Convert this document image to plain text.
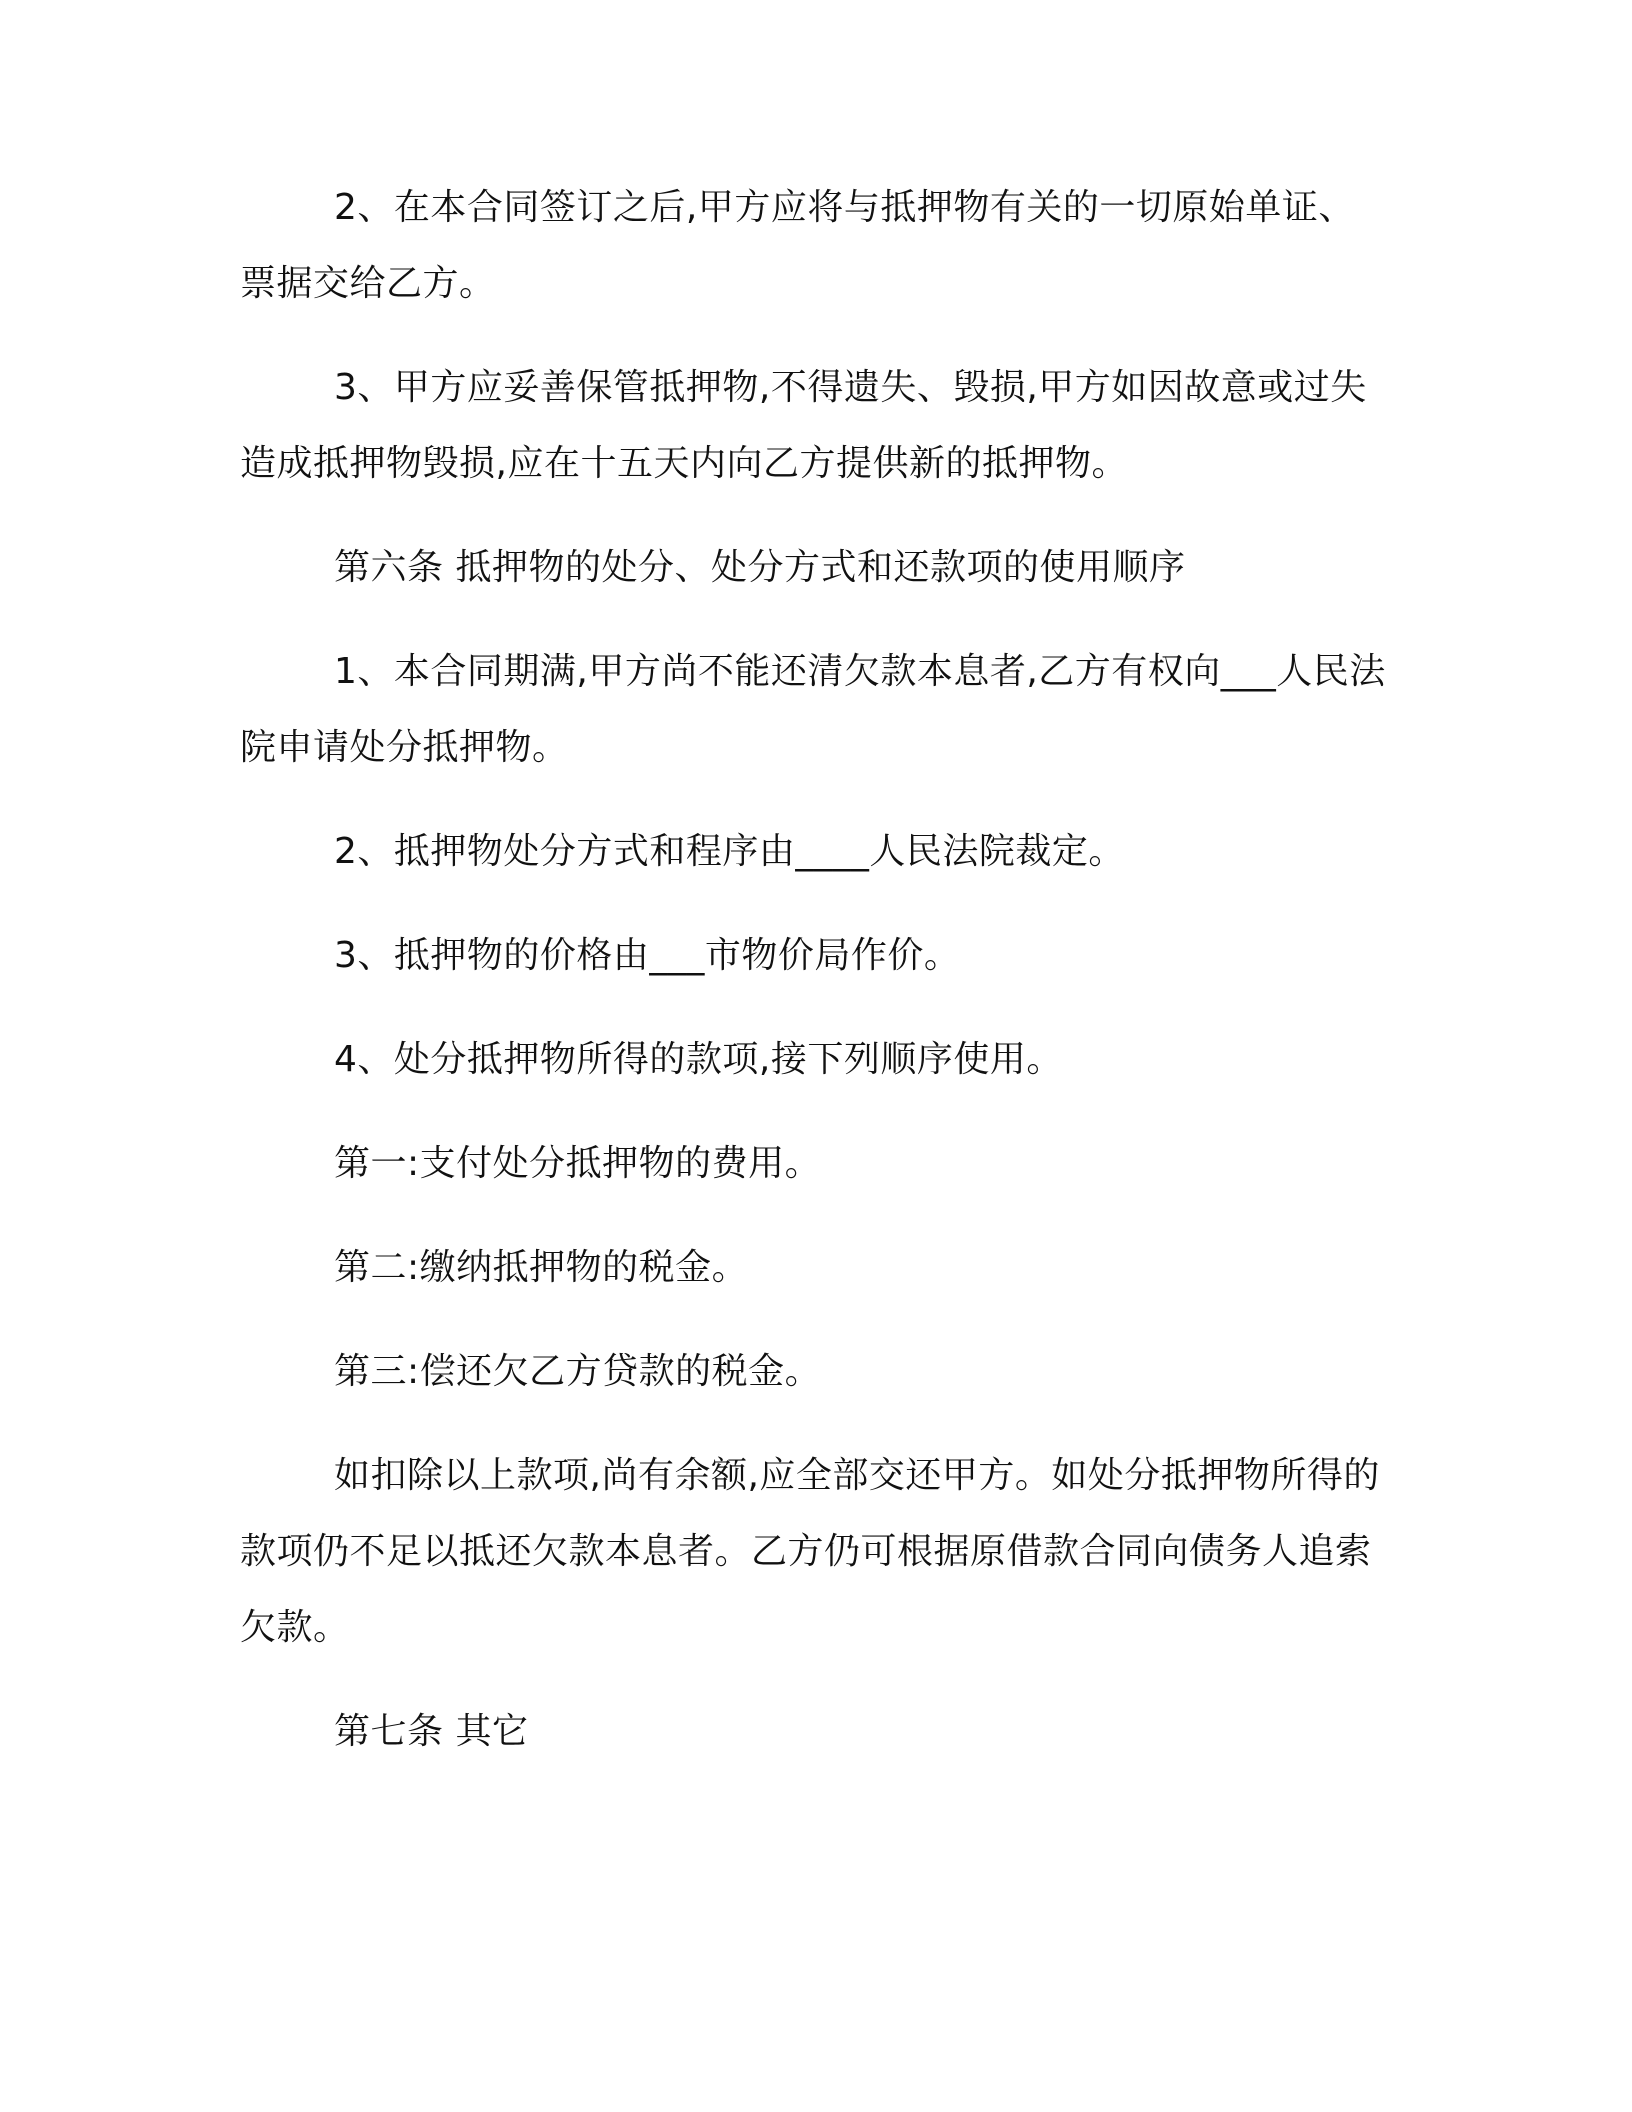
2、在本合同签订之后,甲方应将与抵押物有关的一切原始单证、票据交给乙方。

3、甲方应妥善保管抵押物,不得遗失、毁损,甲方如因故意或过失造成抵押物毁损,应在十五天内向乙方提供新的抵押物。

第六条 抵押物的处分、处分方式和还款项的使用顺序

1、本合同期满,甲方尚不能还清欠款本息者,乙方有权向___人民法院申请处分抵押物。

2、抵押物处分方式和程序由____人民法院裁定。

3、抵押物的价格由___市物价局作价。

4、处分抵押物所得的款项,接下列顺序使用。

第一:支付处分抵押物的费用。

第二:缴纳抵押物的税金。

第三:偿还欠乙方贷款的税金。

如扣除以上款项,尚有余额,应全部交还甲方。如处分抵押物所得的款项仍不足以抵还欠款本息者。乙方仍可根据原借款合同向债务人追索欠款。

第七条 其它
